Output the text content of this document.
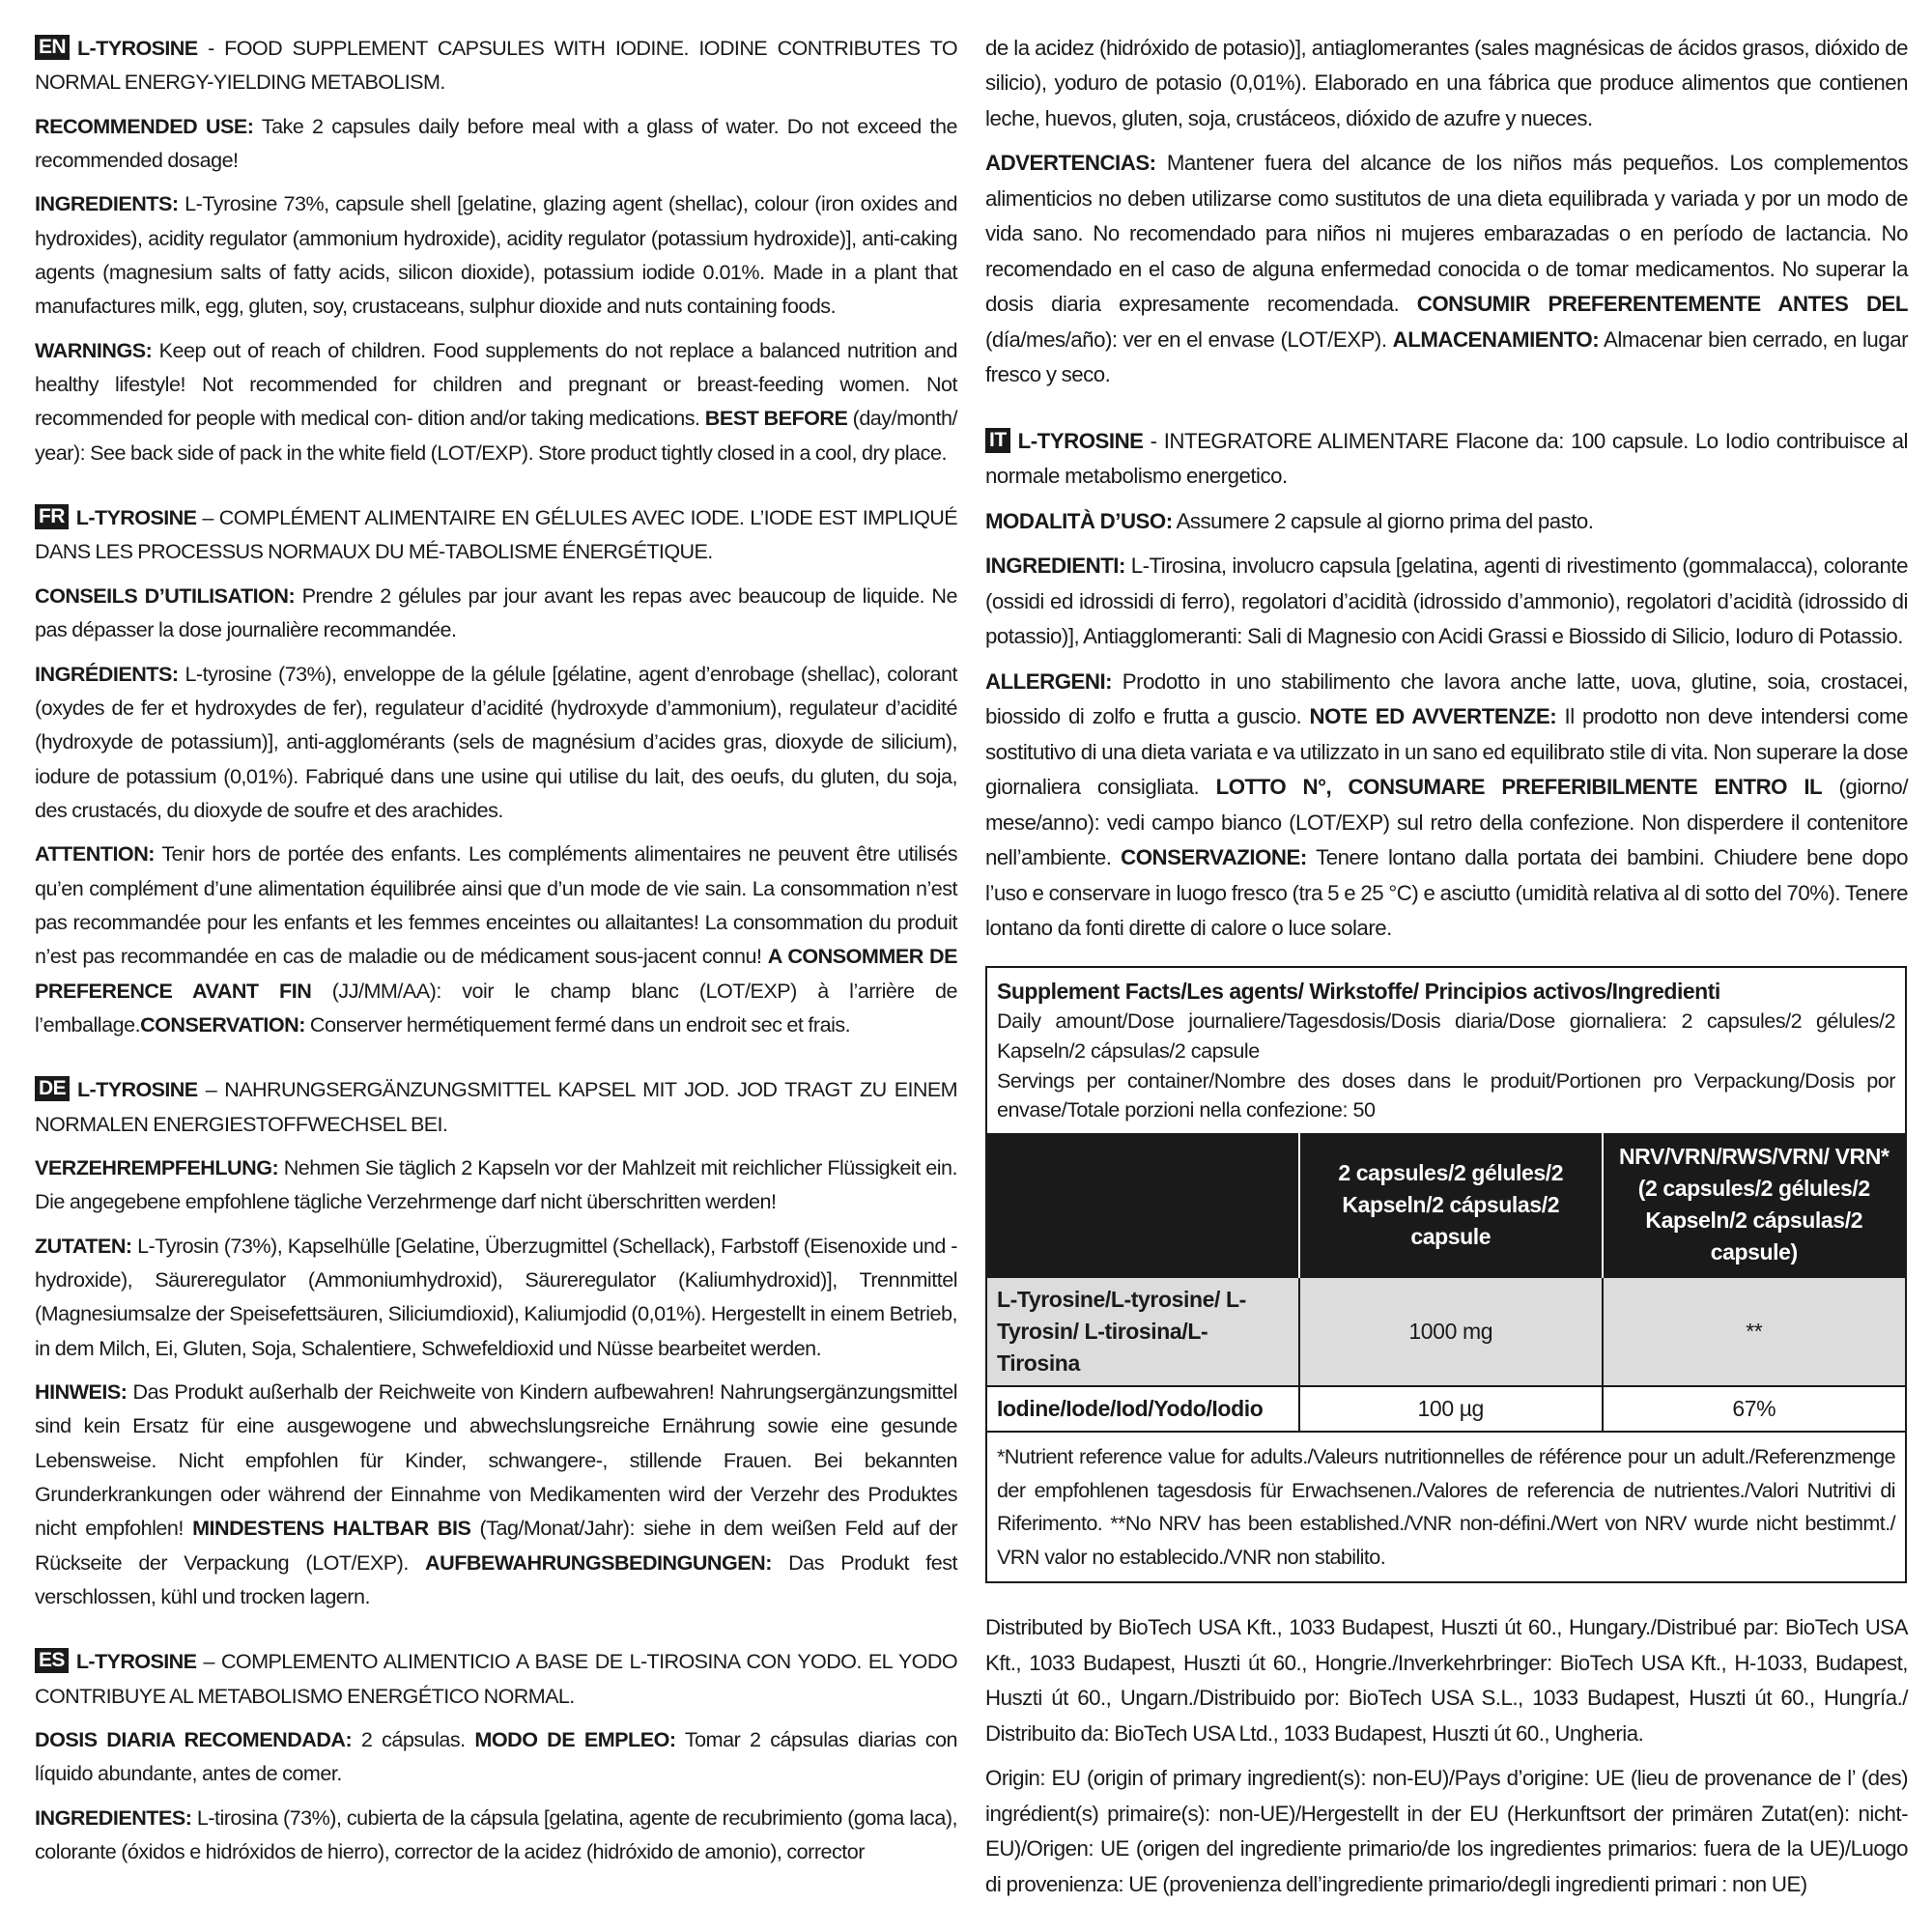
EN L-TYROSINE - FOOD SUPPLEMENT CAPSULES WITH IODINE. IODINE CONTRIBUTES TO NORMAL ENERGY-YIELDING METABOLISM.

RECOMMENDED USE: Take 2 capsules daily before meal with a glass of water. Do not exceed the recommended dosage!

INGREDIENTS: L-Tyrosine 73%, capsule shell [gelatine, glazing agent (shellac), colour (iron oxides and hydroxides), acidity regulator (ammonium hydroxide), acidity regulator (potassium hydroxide)], anti-caking agents (magnesium salts of fatty acids, silicon dioxide), potassium iodide 0.01%. Made in a plant that manufactures milk, egg, gluten, soy, crustaceans, sulphur dioxide and nuts containing foods.

WARNINGS: Keep out of reach of children. Food supplements do not replace a balanced nutrition and healthy lifestyle! Not recommended for children and pregnant or breast-feeding women. Not recommended for people with medical con- dition and/or taking medications. BEST BEFORE (day/month/ year): See back side of pack in the white field (LOT/EXP). Store product tightly closed in a cool, dry place.

FR L-TYROSINE – COMPLÉMENT ALIMENTAIRE EN GÉLULES AVEC IODE. L’IODE EST IMPLIQUÉ DANS LES PROCESSUS NORMAUX DU MÉ-TABOLISME ÉNERGÉTIQUE.

CONSEILS D’UTILISATION: Prendre 2 gélules par jour avant les repas avec beaucoup de liquide. Ne pas dépasser la dose journalière recommandée.

INGRÉDIENTS: L-tyrosine (73%), enveloppe de la gélule [gélatine, agent d’enrobage (shellac), colorant (oxydes de fer et hydroxydes de fer), regulateur d’acidité (hydroxyde d’ammonium), regulateur d’acidité (hydroxyde de potassium)], anti-agglomérants (sels de magnésium d’acides gras, dioxyde de silicium), iodure de potassium (0,01%). Fabriqué dans une usine qui utilise du lait, des oeufs, du gluten, du soja, des crustacés, du dioxyde de soufre et des arachides.

ATTENTION: Tenir hors de portée des enfants. Les compléments alimentaires ne peuvent être utilisés qu’en complément d’une alimentation équilibrée ainsi que d’un mode de vie sain. La consommation n’est pas recommandée pour les enfants et les femmes enceintes ou allaitantes! La consommation du produit n’est pas recommandée en cas de maladie ou de médicament sous-jacent connu! A CONSOMMER DE PREFERENCE AVANT FIN (JJ/MM/AA): voir le champ blanc (LOT/EXP) à l’arrière de l’emballage.CONSERVATION: Conserver hermétiquement fermé dans un endroit sec et frais.

DE L-TYROSINE – NAHRUNGSERGÄNZUNGSMITTEL KAPSEL MIT JOD. JOD TRAGT ZU EINEM NORMALEN ENERGIESTOFFWECHSEL BEI.

VERZEHREMPFEHLUNG: Nehmen Sie täglich 2 Kapseln vor der Mahlzeit mit reichlicher Flüssigkeit ein. Die angegebene empfohlene tägliche Verzehrmenge darf nicht überschritten werden!

ZUTATEN: L-Tyrosin (73%), Kapselhülle [Gelatine, Überzugmittel (Schellack), Farbstoff (Eisenoxide und -hydroxide), Säureregulator (Ammoniumhydroxid), Säureregulator (Kaliumhydroxid)], Trennmittel (Magnesiumsalze der Speisefettsäuren, Siliciumdioxid), Kaliumjodid (0,01%). Hergestellt in einem Betrieb, in dem Milch, Ei, Gluten, Soja, Schalentiere, Schwefeldioxid und Nüsse bearbeitet werden.

HINWEIS: Das Produkt außerhalb der Reichweite von Kindern aufbewahren! Nahrungsergänzungsmittel sind kein Ersatz für eine ausgewogene und abwechslungsreiche Ernährung sowie eine gesunde Lebensweise. Nicht empfohlen für Kinder, schwangere-, stillende Frauen. Bei bekannten Grunderkrankungen oder während der Einnahme von Medikamenten wird der Verzehr des Produktes nicht empfohlen! MINDESTENS HALTBAR BIS (Tag/Monat/Jahr): siehe in dem weißen Feld auf der Rückseite der Verpackung (LOT/EXP). AUFBEWAHRUNGSBEDINGUNGEN: Das Produkt fest verschlossen, kühl und trocken lagern.

ES L-TYROSINE – COMPLEMENTO ALIMENTICIO A BASE DE L-TIROSINA CON YODO. EL YODO CONTRIBUYE AL METABOLISMO ENERGÉTICO NORMAL.

DOSIS DIARIA RECOMENDADA: 2 cápsulas. MODO DE EMPLEO: Tomar 2 cápsulas diarias con líquido abundante, antes de comer.

INGREDIENTES: L-tirosina (73%), cubierta de la cápsula [gelatina, agente de recubrimiento (goma laca), colorante (óxidos e hidróxidos de hierro), corrector de la acidez (hidróxido de amonio), corrector

de la acidez (hidróxido de potasio)], antiaglomerantes (sales magnésicas de ácidos grasos, dióxido de silicio), yoduro de potasio (0,01%). Elaborado en una fábrica que produce alimentos que contienen leche, huevos, gluten, soja, crustáceos, dióxido de azufre y nueces.

ADVERTENCIAS: Mantener fuera del alcance de los niños más pequeños. Los complementos alimenticios no deben utilizarse como sustitutos de una dieta equilibrada y variada y por un modo de vida sano. No recomendado para niños ni mujeres embarazadas o en período de lactancia. No recomendado en el caso de alguna enfermedad conocida o de tomar medicamentos. No superar la dosis diaria expresamente recomendada. CONSUMIR PREFERENTEMENTE ANTES DEL (día/mes/año): ver en el envase (LOT/EXP). ALMACENAMIENTO: Almacenar bien cerrado, en lugar fresco y seco.

IT L-TYROSINE - INTEGRATORE ALIMENTARE Flacone da: 100 capsule. Lo Iodio contribuisce al normale metabolismo energetico.

MODALITÀ D’USO: Assumere 2 capsule al giorno prima del pasto.

INGREDIENTI: L-Tirosina, involucro capsula [gelatina, agenti di rivestimento (gommalacca), colorante (ossidi ed idrossidi di ferro), regolatori d’acidità (idrossido d’ammonio), regolatori d’acidità (idrossido di potassio)], Antiagglomeranti: Sali di Magnesio con Acidi Grassi e Biossido di Silicio, Ioduro di Potassio.

ALLERGENI: Prodotto in uno stabilimento che lavora anche latte, uova, glutine, soia, crostacei, biossido di zolfo e frutta a guscio. NOTE ED AVVERTENZE: Il prodotto non deve intendersi come sostitutivo di una dieta variata e va utilizzato in un sano ed equilibrato stile di vita. Non superare la dose giornaliera consigliata. LOTTO N°, CONSUMARE PREFERIBILMENTE ENTRO IL (giorno/ mese/anno): vedi campo bianco (LOT/EXP) sul retro della confezione. Non disperdere il contenitore nell’ambiente. CONSERVAZIONE: Tenere lontano dalla portata dei bambini. Chiudere bene dopo l’uso e conservare in luogo fresco (tra 5 e 25 °C) e asciutto (umidità relativa al di sotto del 70%). Tenere lontano da fonti dirette di calore o luce solare.

Supplement Facts/Les agents/ Wirkstoffe/ Principios activos/Ingredienti
Daily amount/Dose journaliere/Tagesdosis/Dosis diaria/Dose giornaliera: 2 capsules/2 gélules/2 Kapseln/2 cápsulas/2 capsule
Servings per container/Nombre des doses dans le produit/Portionen pro Verpackung/Dosis por envase/Totale porzioni nella confezione: 50
	2 capsules/2 gélules/2 Kapseln/2 cápsulas/2 capsule	NRV/VRN/RWS/VRN/ VRN*(2 capsules/2 gélules/2 Kapseln/2 cápsulas/2 capsule)
L-Tyrosine/L-tyrosine/ L-Tyrosin/ L-tirosina/L-Tirosina	1000 mg	**
Iodine/Iode/Iod/Yodo/Iodio	100 µg	67%
*Nutrient reference value for adults./Valeurs nutritionnelles de référence pour un adult./Referenzmenge der empfohlenen tagesdosis für Erwachsenen./Valores de referencia de nutrientes./Valori Nutritivi di Riferimento. **No NRV has been established./VNR non-défini./Wert von NRV wurde nicht bestimmt./ VRN valor no establecido./VNR non stabilito.

Distributed by BioTech USA Kft., 1033 Budapest, Huszti út 60., Hungary./Distribué par: BioTech USA Kft., 1033 Budapest, Huszti út 60., Hongrie./Inverkehrbringer: BioTech USA Kft., H-1033, Budapest, Huszti út 60., Ungarn./Distribuido por: BioTech USA S.L., 1033 Budapest, Huszti út 60., Hungría./ Distribuito da: BioTech USA Ltd., 1033 Budapest, Huszti út 60., Ungheria.

Origin: EU (origin of primary ingredient(s): non-EU)/Pays d’origine: UE (lieu de provenance de l’ (des) ingrédient(s) primaire(s): non-UE)/Hergestellt in der EU (Herkunftsort der primären Zutat(en): nicht-EU)/Origen: UE (origen del ingrediente primario/de los ingredientes primarios: fuera de la UE)/Luogo di provenienza: UE (provenienza dell’ingrediente primario/degli ingredienti primari : non UE)
